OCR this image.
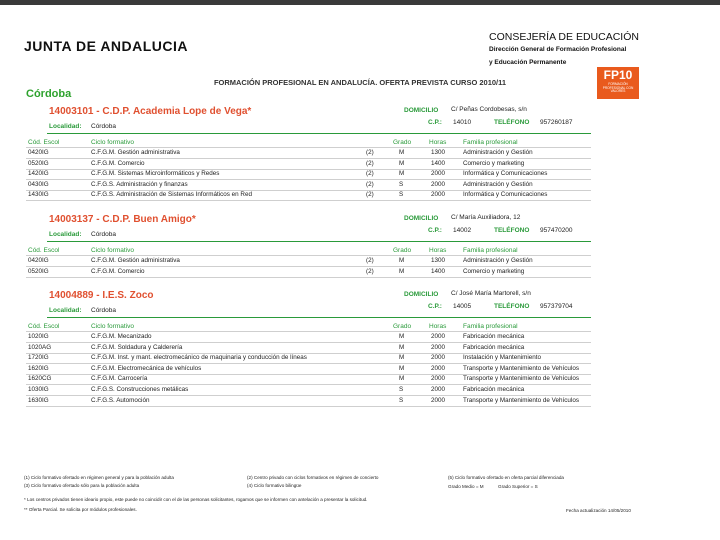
JUNTA DE ANDALUCIA
CONSEJERÍA DE EDUCACIÓN
Dirección General de Formación Profesional
y Educación Permanente
FP10
FORMACIÓN PROFESIONAL CON VALORES
FORMACIÓN PROFESIONAL EN ANDALUCÍA. OFERTA PREVISTA CURSO 2010/11
Córdoba
14003101 - C.D.P. Academia Lope de Vega*	DOMICILIO C/ Peñas Cordobesas, s/n
C.P.: 14010	TELÉFONO 957260187
Localidad: Córdoba
Cód. Escol	Ciclo formativo	Grado	Horas	Familia profesional
0420IG	C.F.G.M. Gestión administrativa	(2)	M	1300	Administración y Gestión
0520IG	C.F.G.M. Comercio	(2)	M	1400	Comercio y marketing
1420IG	C.F.G.M. Sistemas Microinformáticos y Redes	(2)	M	2000	Informática y Comunicaciones
0430IG	C.F.G.S. Administración y finanzas	(2)	S	2000	Administración y Gestión
1430IG	C.F.G.S. Administración de Sistemas Informáticos en Red	(2)	S	2000	Informática y Comunicaciones
14003137 - C.D.P. Buen Amigo*	DOMICILIO C/ María Auxiliadora, 12
C.P.: 14002	TELÉFONO 957470200
Localidad: Córdoba
Cód. Escol	Ciclo formativo	Grado	Horas	Familia profesional
0420IG	C.F.G.M. Gestión administrativa	(2)	M	1300	Administración y Gestión
0520IG	C.F.G.M. Comercio	(2)	M	1400	Comercio y marketing
14004889 - I.E.S. Zoco	DOMICILIO C/ José María Martorell, s/n
C.P.: 14005	TELÉFONO 957379704
Localidad: Córdoba
Cód. Escol	Ciclo formativo	Grado	Horas	Familia profesional
1020IG	C.F.G.M. Mecanizado	M	2000	Fabricación mecánica
1020AG	C.F.G.M. Soldadura y Calderería	M	2000	Fabricación mecánica
1720IG	C.F.G.M. Inst. y mant. electromecánico de maquinaria y conducción de líneas	M	2000	Instalación y Mantenimiento
1620IG	C.F.G.M. Electromecánica de vehículos	M	2000	Transporte y Mantenimiento de Vehículos
1620CG	C.F.G.M. Carrocería	M	2000	Transporte y Mantenimiento de Vehículos
1030IG	C.F.G.S. Construcciones metálicas	S	2000	Fabricación mecánica
1630IG	C.F.G.S. Automoción	S	2000	Transporte y Mantenimiento de Vehículos
(1) Ciclo formativo ofertado en régimen general y para la población adulta
(3) Ciclo formativo ofertado sólo para la población adulta
(2) Centro privado con ciclos formativos en régimen de concierto
(4) Ciclo formativo bilingüe
(5) Ciclo formativo ofertado en oferta parcial diferenciada
Grado Medio = M	Grado Superior = S
* Los centros privados tienen ideario propio, este puede no coincidir con el de las personas solicitantes, rogamos que se informen con antelación a presentar la solicitud.
** Oferta Parcial. Se solicita por módulos profesionales.	Fecha actualización 14/05/2010
